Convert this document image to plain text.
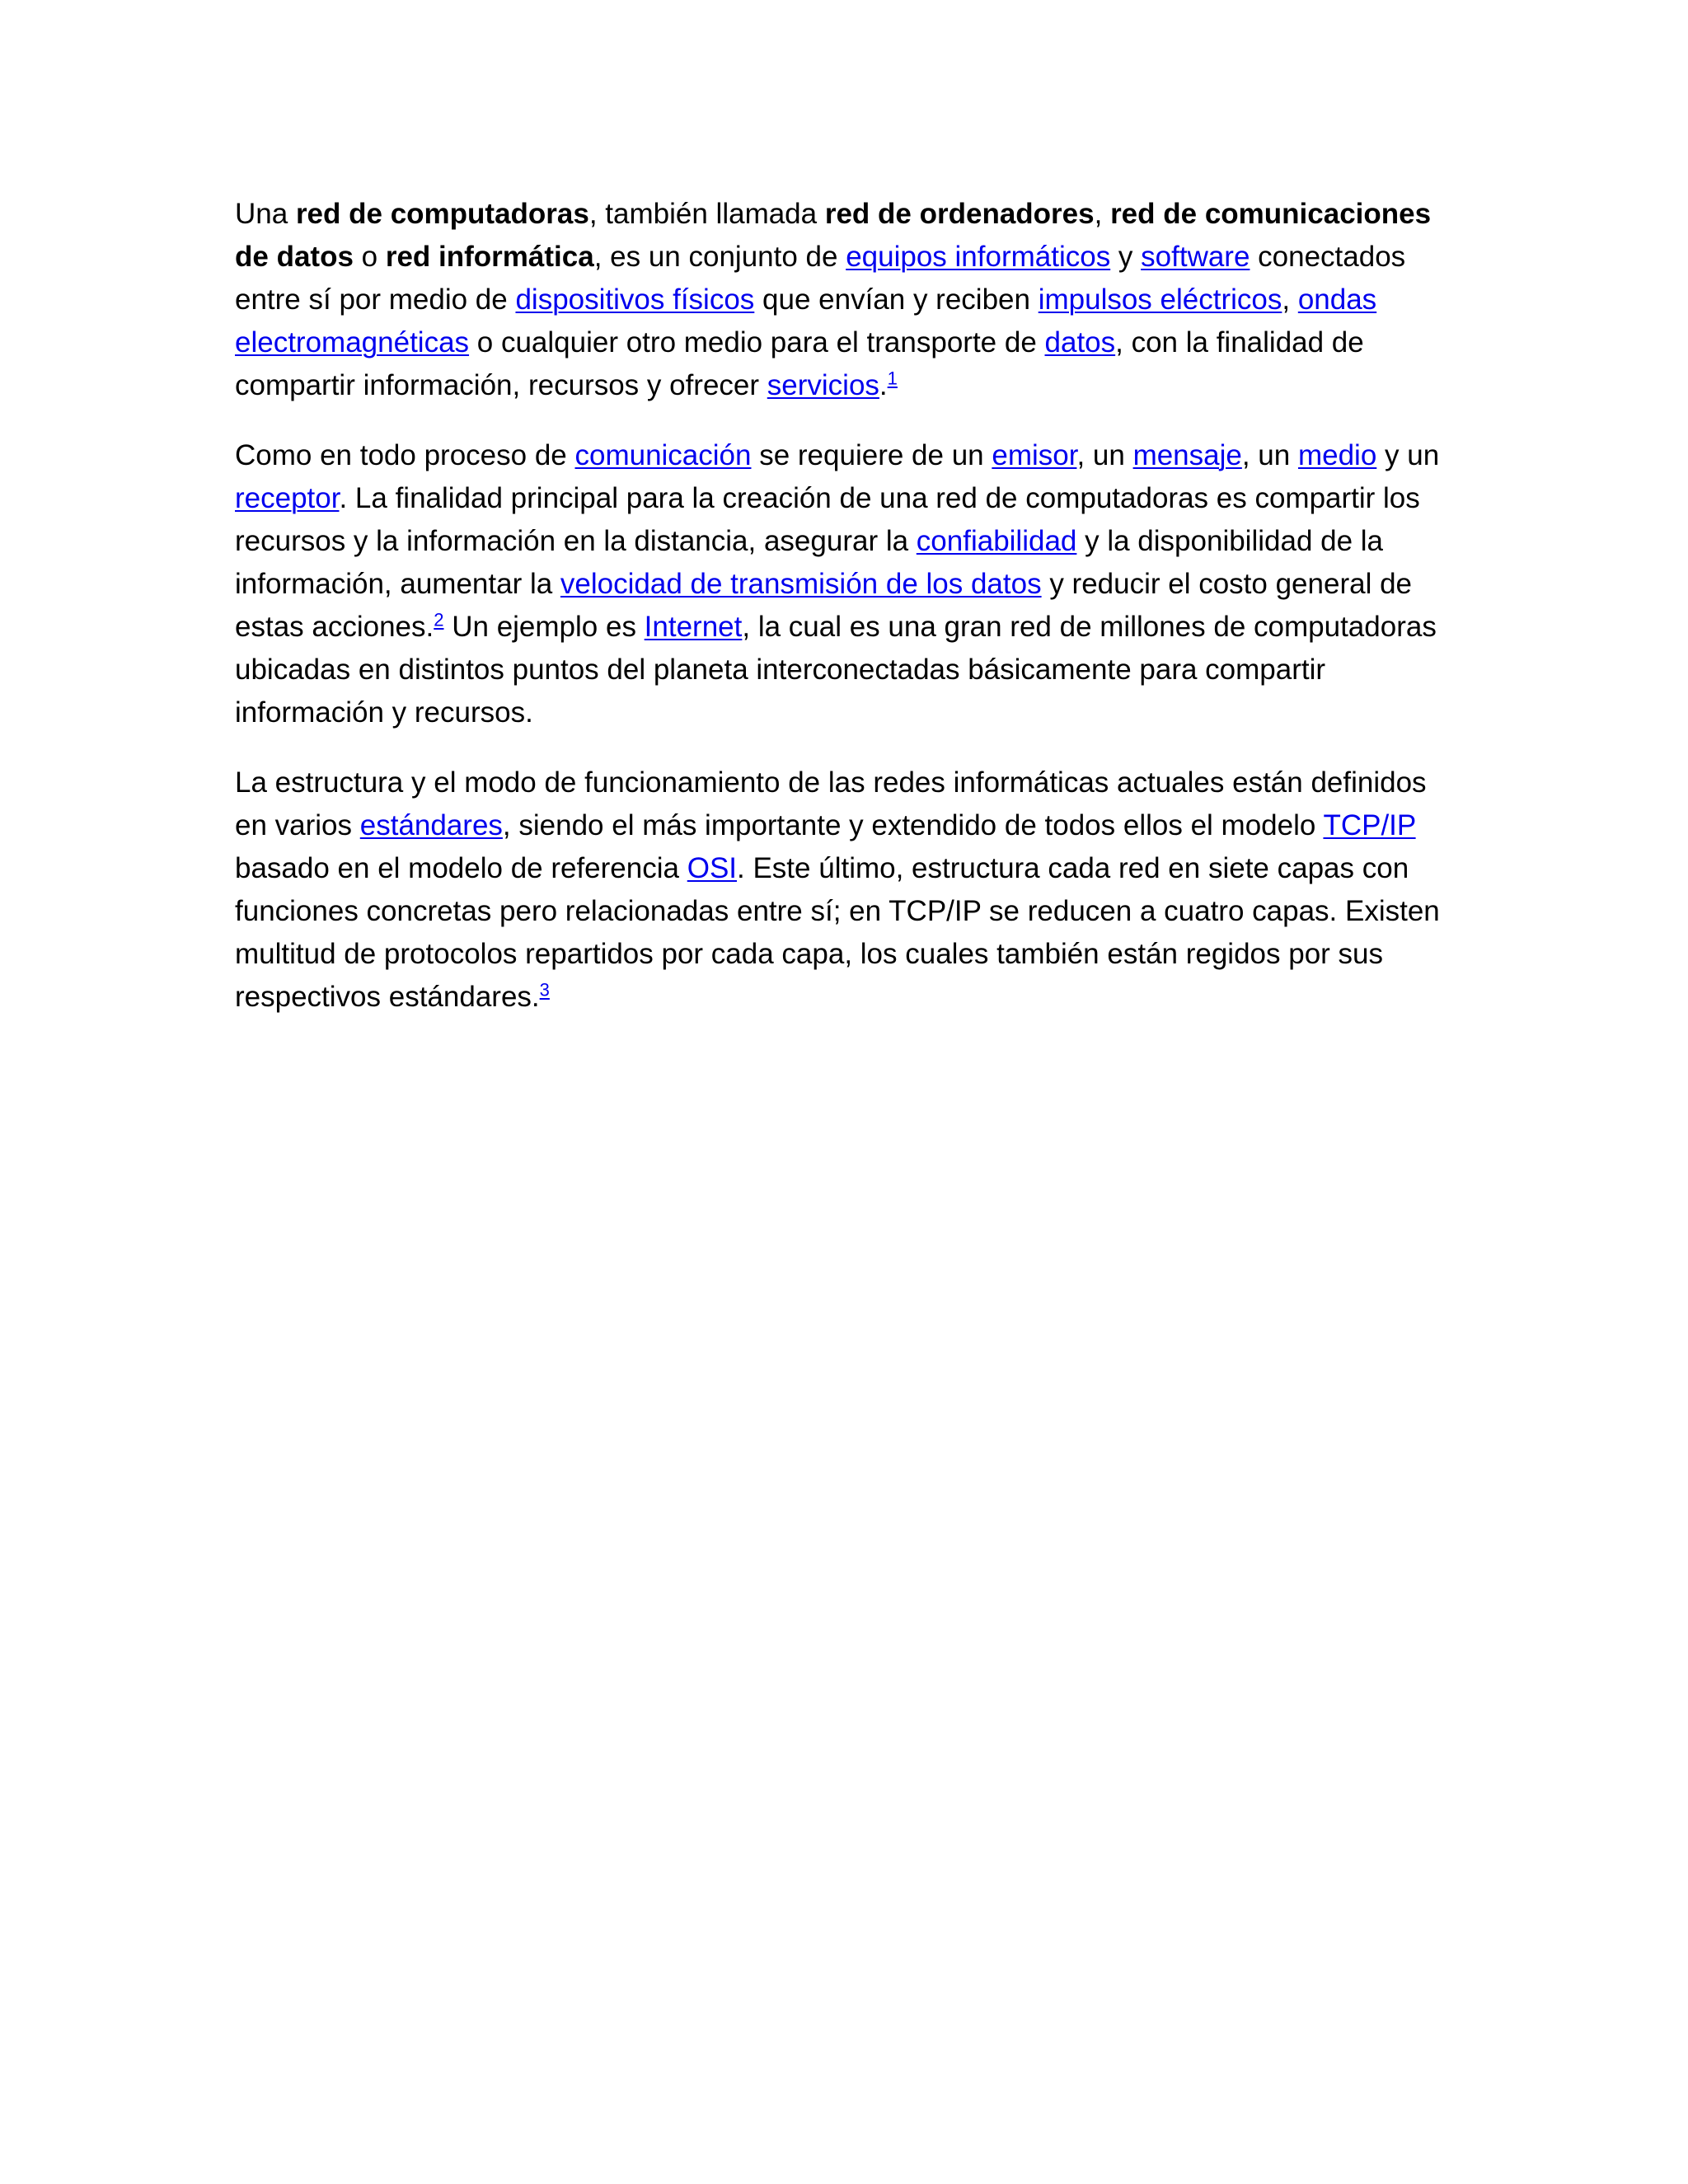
Una red de computadoras, también llamada red de ordenadores, red de comunicaciones de datos o red informática, es un conjunto de equipos informáticos y software conectados entre sí por medio de dispositivos físicos que envían y reciben impulsos eléctricos, ondas electromagnéticas o cualquier otro medio para el transporte de datos, con la finalidad de compartir información, recursos y ofrecer servicios.$^1$

Como en todo proceso de comunicación se requiere de un emisor, un mensaje, un medio y un receptor. La finalidad principal para la creación de una red de computadoras es compartir los recursos y la información en la distancia, asegurar la confiabilidad y la disponibilidad de la información, aumentar la velocidad de transmisión de los datos y reducir el costo general de estas acciones.$^2$ Un ejemplo es Internet, la cual es una gran red de millones de computadoras ubicadas en distintos puntos del planeta interconectadas básicamente para compartir información y recursos.

La estructura y el modo de funcionamiento de las redes informáticas actuales están definidos en varios estándares, siendo el más importante y extendido de todos ellos el modelo TCP/IP basado en el modelo de referencia OSI. Este último, estructura cada red en siete capas con funciones concretas pero relacionadas entre sí; en TCP/IP se reducen a cuatro capas. Existen multitud de protocolos repartidos por cada capa, los cuales también están regidos por sus respectivos estándares.$^3$
